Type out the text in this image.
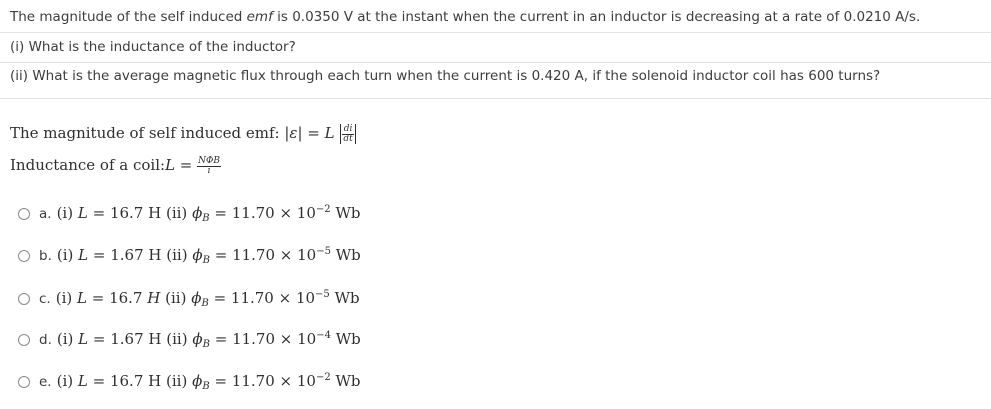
The magnitude of the self induced emf is 0.0350 V at the instant when the current in an inductor is decreasing at a rate of 0.0210 A/s.
(i) What is the inductance of the inductor?
(ii) What is the average magnetic flux through each turn when the current is 0.420 A, if the solenoid inductor coil has 600 turns?
The magnitude of self induced emf: |ε| = L $\frac{di}{dt}$
Inductance of a coil:L = $\frac{\text{NΦB}}{i}$
a. (i) L = 16.7 H (ii) $\phi_B = 11.70 \times 10^{-2}$ Wb
b. (i) L = 1.67 H (ii) $\phi_B = 11.70 \times 10^{-5}$ Wb
c. (i) L = 16.7 H (ii) $\phi_B = 11.70 \times 10^{-5}$ Wb
d. (i) L = 1.67 H (ii) $\phi_B = 11.70 \times 10^{-4}$ Wb
e. (i) L = 16.7 H (ii) $\phi_B = 11.70 \times 10^{-2}$ Wb
